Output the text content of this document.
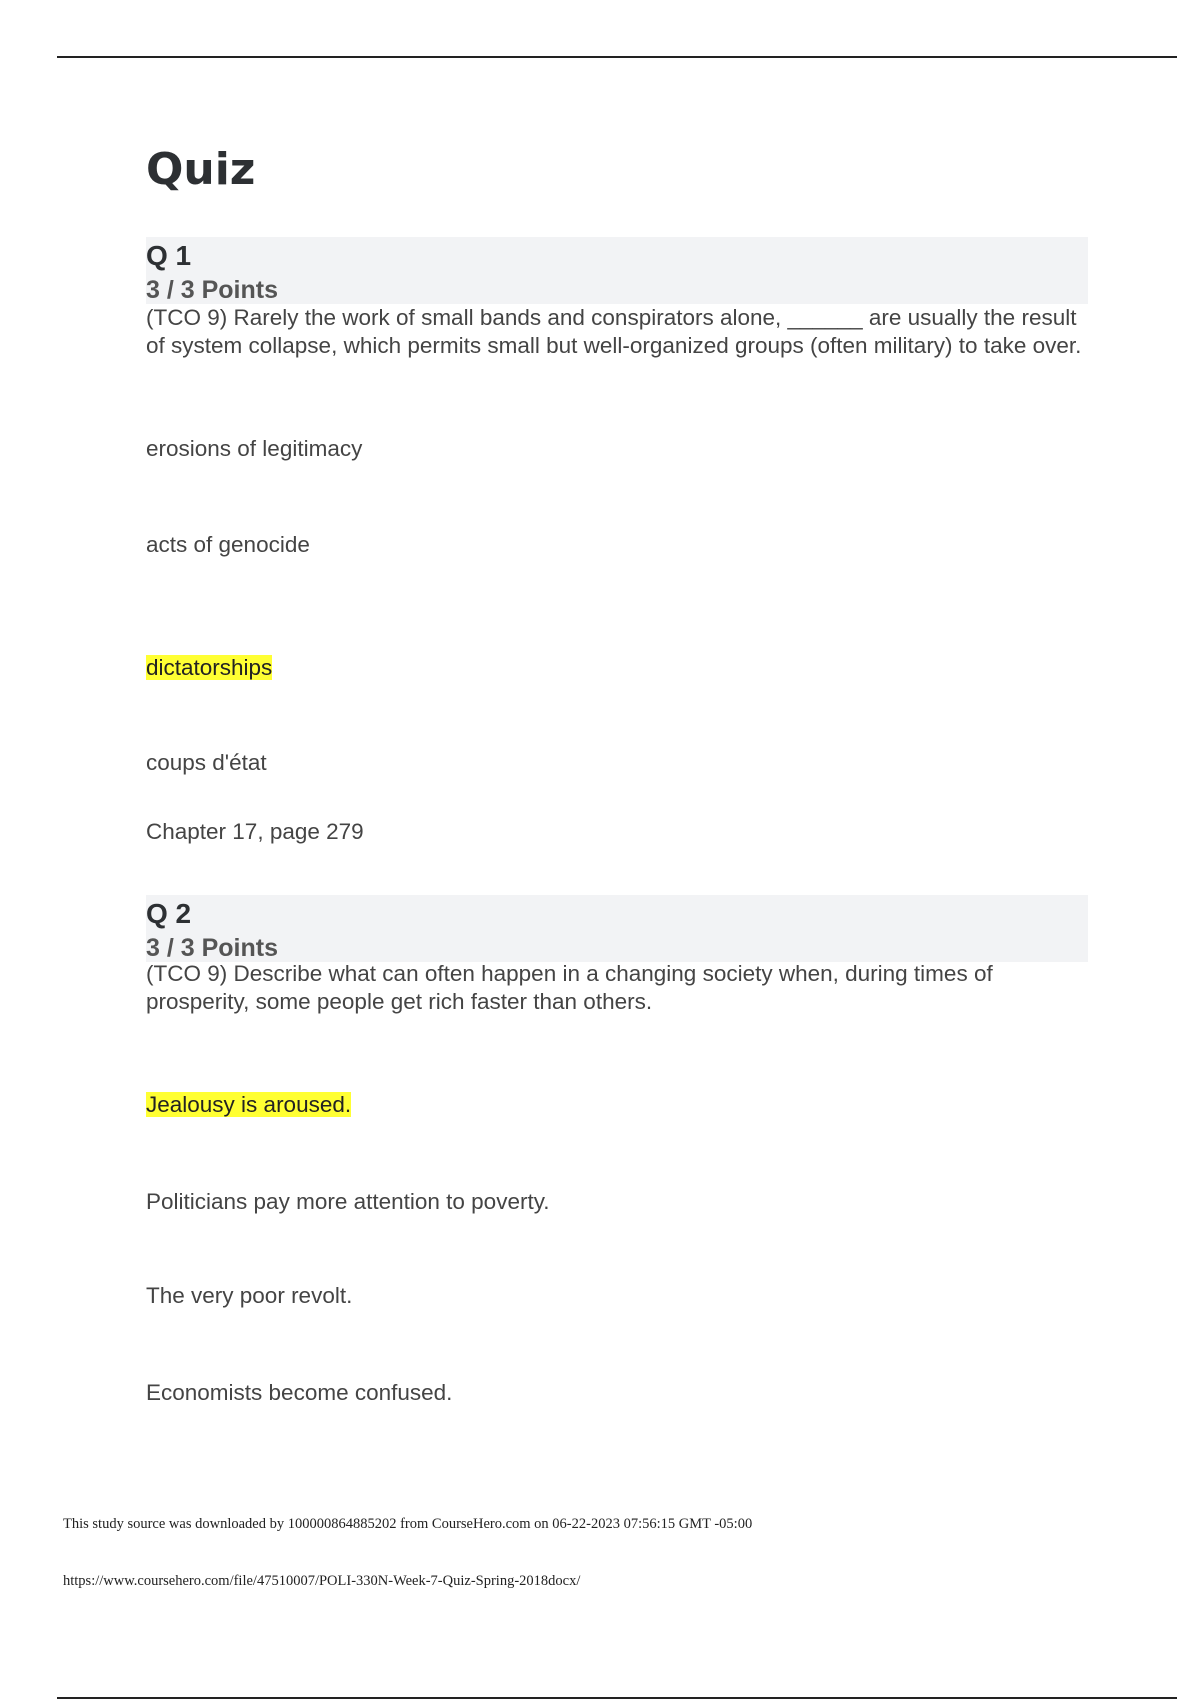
Quiz
Q 1
3 / 3 Points

(TCO 9) Rarely the work of small bands and conspirators alone, ______ are usually the result of system collapse, which permits small but well-organized groups (often military) to take over.

erosions of legitimacy

acts of genocide

dictatorships

coups d'état

Chapter 17, page 279
Q 2
3 / 3 Points

(TCO 9) Describe what can often happen in a changing society when, during times of prosperity, some people get rich faster than others.

Jealousy is aroused.

Politicians pay more attention to poverty.

The very poor revolt.

Economists become confused.

This study source was downloaded by 100000864885202 from CourseHero.com on 06-22-2023 07:56:15 GMT -05:00
https://www.coursehero.com/file/47510007/POLI-330N-Week-7-Quiz-Spring-2018docx/
